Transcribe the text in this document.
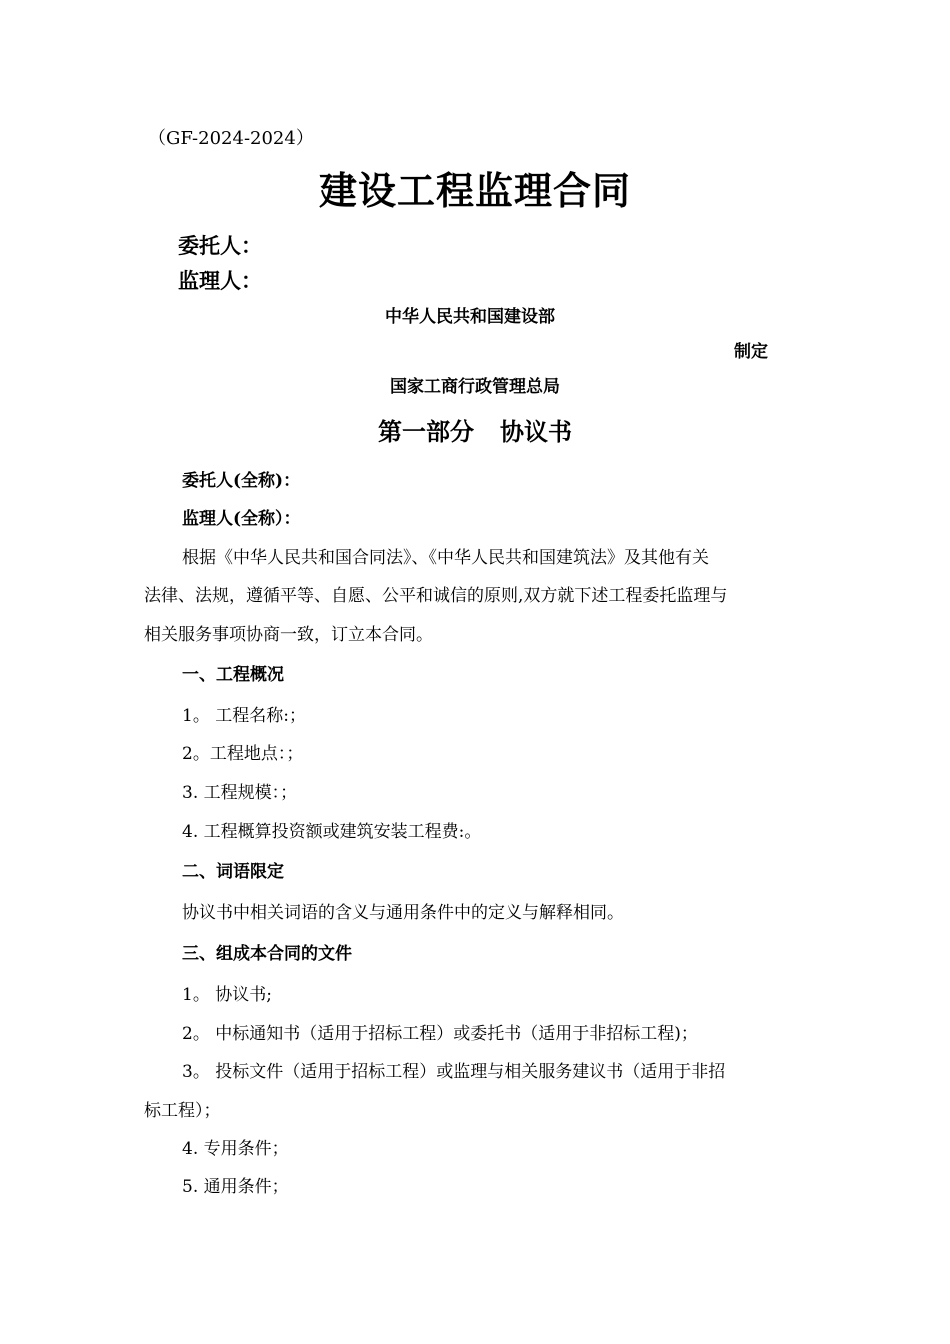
（GF-2024-2024）
建设工程监理合同
委托人：
监理人：
中华人民共和国建设部
制定
国家工商行政管理总局
第一部分 协议书
委托人(全称)：
监理人(全称）：
根据《中华人民共和国合同法》、《中华人民共和国建筑法》及其他有关
法律、法规，遵循平等、自愿、公平和诚信的原则,双方就下述工程委托监理与
相关服务事项协商一致，订立本合同。
一、工程概况
1。 工程名称:；
2。工程地点：；
3. 工程规模：；
4. 工程概算投资额或建筑安装工程费:。
二、词语限定
协议书中相关词语的含义与通用条件中的定义与解释相同。
三、组成本合同的文件
1。 协议书;
2。 中标通知书（适用于招标工程）或委托书（适用于非招标工程)；
3。 投标文件（适用于招标工程）或监理与相关服务建议书（适用于非招
标工程）；
4. 专用条件；
5. 通用条件；
